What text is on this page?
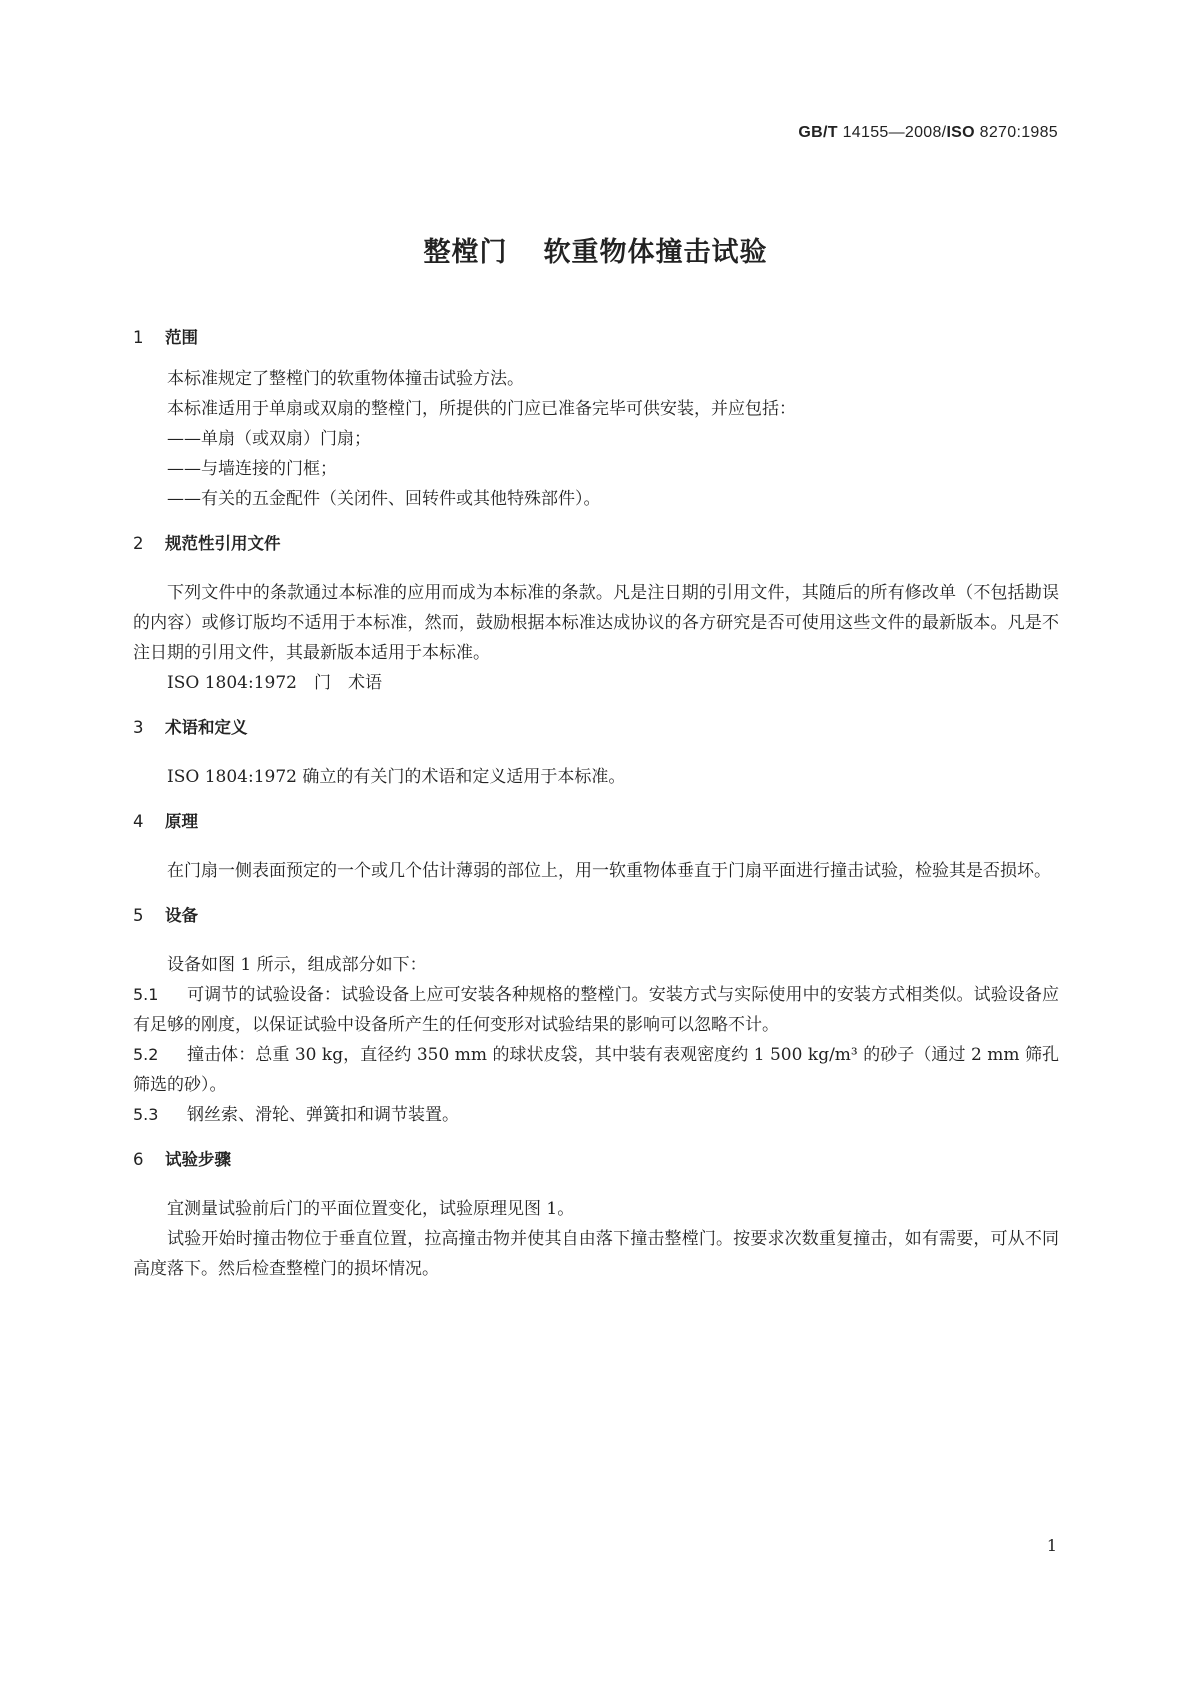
GB/T 14155—2008/ISO 8270:1985
整樘门 软重物体撞击试验
1 范围

本标准规定了整樘门的软重物体撞击试验方法。

本标准适用于单扇或双扇的整樘门，所提供的门应已准备完毕可供安装，并应包括：

——单扇（或双扇）门扇；

——与墙连接的门框；

——有关的五金配件（关闭件、回转件或其他特殊部件）。

2 规范性引用文件

下列文件中的条款通过本标准的应用而成为本标准的条款。凡是注日期的引用文件，其随后的所有修改单（不包括勘误的内容）或修订版均不适用于本标准，然而，鼓励根据本标准达成协议的各方研究是否可使用这些文件的最新版本。凡是不注日期的引用文件，其最新版本适用于本标准。

ISO 1804:1972　门　术语

3 术语和定义

ISO 1804:1972 确立的有关门的术语和定义适用于本标准。

4 原理

在门扇一侧表面预定的一个或几个估计薄弱的部位上，用一软重物体垂直于门扇平面进行撞击试验，检验其是否损坏。

5 设备

设备如图 1 所示，组成部分如下：

5.1 可调节的试验设备：试验设备上应可安装各种规格的整樘门。安装方式与实际使用中的安装方式相类似。试验设备应有足够的刚度，以保证试验中设备所产生的任何变形对试验结果的影响可以忽略不计。

5.2 撞击体：总重 30 kg，直径约 350 mm 的球状皮袋，其中装有表观密度约 1 500 kg/m³ 的砂子（通过 2 mm 筛孔筛选的砂）。

5.3 钢丝索、滑轮、弹簧扣和调节装置。

6 试验步骤

宜测量试验前后门的平面位置变化，试验原理见图 1。

试验开始时撞击物位于垂直位置，拉高撞击物并使其自由落下撞击整樘门。按要求次数重复撞击，如有需要，可从不同高度落下。然后检查整樘门的损坏情况。

1
